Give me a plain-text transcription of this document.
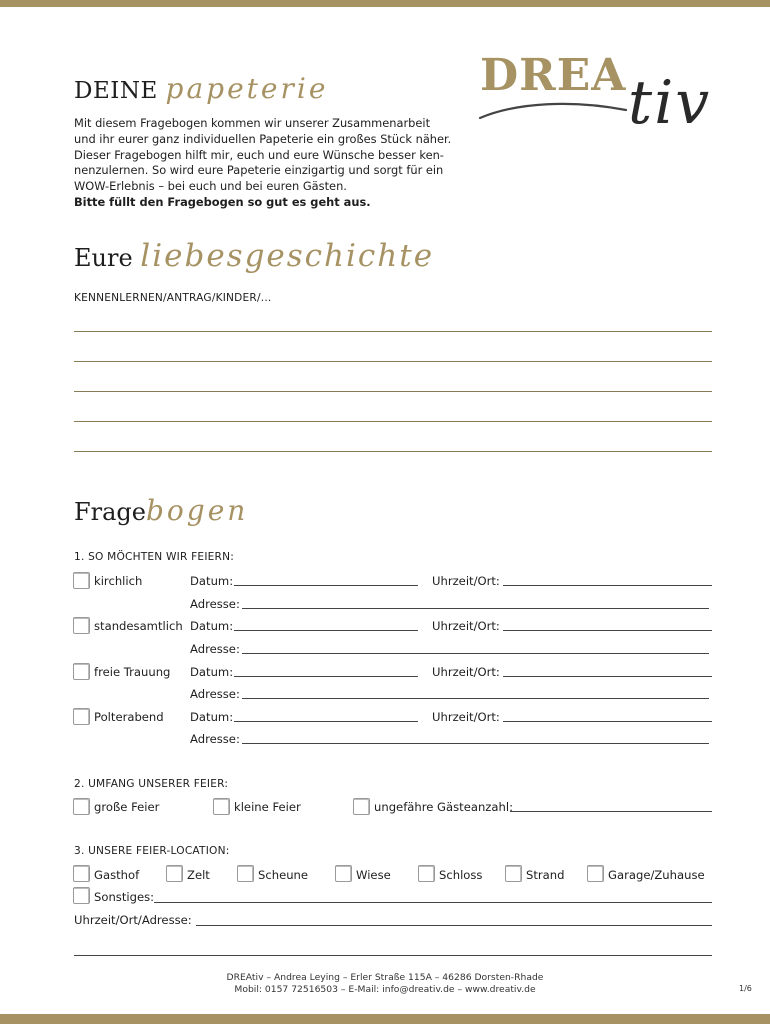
DEINE papeterie	DREA tiv

Mit diesem Fragebogen kommen wir unserer Zusammenarbeit und ihr eurer ganz individuellen Papeterie ein großes Stück näher. Dieser Fragebogen hilft mir, euch und eure Wünsche besser ken-nenzulernen. So wird eure Papeterie einzigartig und sorgt für ein WOW-Erlebnis – bei euch und bei euren Gästen.

Bitte füllt den Fragebogen so gut es geht aus.

Eure liebesgeschichte
KENNENLERNEN/ANTRAG/KINDER/...
Fragebogen
1. SO MÖCHTEN WIR FEIERN:
kirchlich	Datum:	Uhrzeit/Ort:
Adresse:
standesamtlich Datum:	Uhrzeit/Ort:
Adresse:
freie Trauung Datum:	Uhrzeit/Ort:
Adresse:
Polterabend Datum:	Uhrzeit/Ort:
Adresse:
2. UMFANG UNSERER FEIER:
große Feier	kleine Feier	ungefähre Gästeanzahl:
3. UNSERE FEIER-LOCATION:
Gasthof	Zelt	Scheune	Wiese	Schloss	Strand	Garage/Zuhause
Sonstiges:
Uhrzeit/Ort/Adresse:
DREAtiv – Andrea Leying – Erler Straße 115A – 46286 Dorsten-Rhade
Mobil: 0157 72516503 – E-Mail: info@dreativ.de – www.dreativ.de	1/6
